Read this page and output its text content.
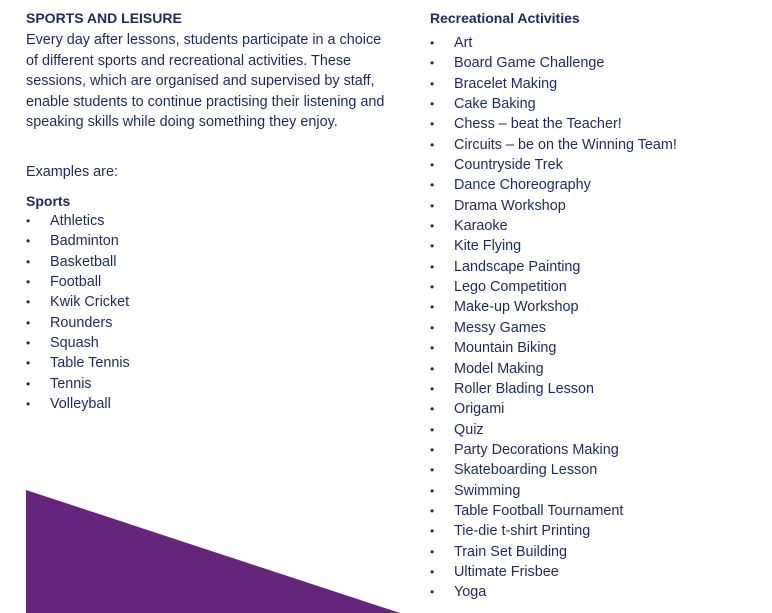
SPORTS AND LEISURE

Every day after lessons, students participate in a choice of different sports and recreational activities. These sessions, which are organised and supervised by staff, enable students to continue practising their listening and speaking skills while doing something they enjoy.

Examples are:

Sports
• Athletics
• Badminton
• Basketball
• Football
• Kwik Cricket
• Rounders
• Squash
• Table Tennis
• Tennis
• Volleyball
Recreational Activities
• Art
• Board Game Challenge
• Bracelet Making
• Cake Baking
• Chess – beat the Teacher!
• Circuits – be on the Winning Team!
• Countryside Trek
• Dance Choreography
• Drama Workshop
• Karaoke
• Kite Flying
• Landscape Painting
• Lego Competition
• Make-up Workshop
• Messy Games
• Mountain Biking
• Model Making
• Roller Blading Lesson
• Origami
• Quiz
• Party Decorations Making
• Skateboarding Lesson
• Swimming
• Table Football Tournament
• Tie-die t-shirt Printing
• Train Set Building
• Ultimate Frisbee
• Yoga
